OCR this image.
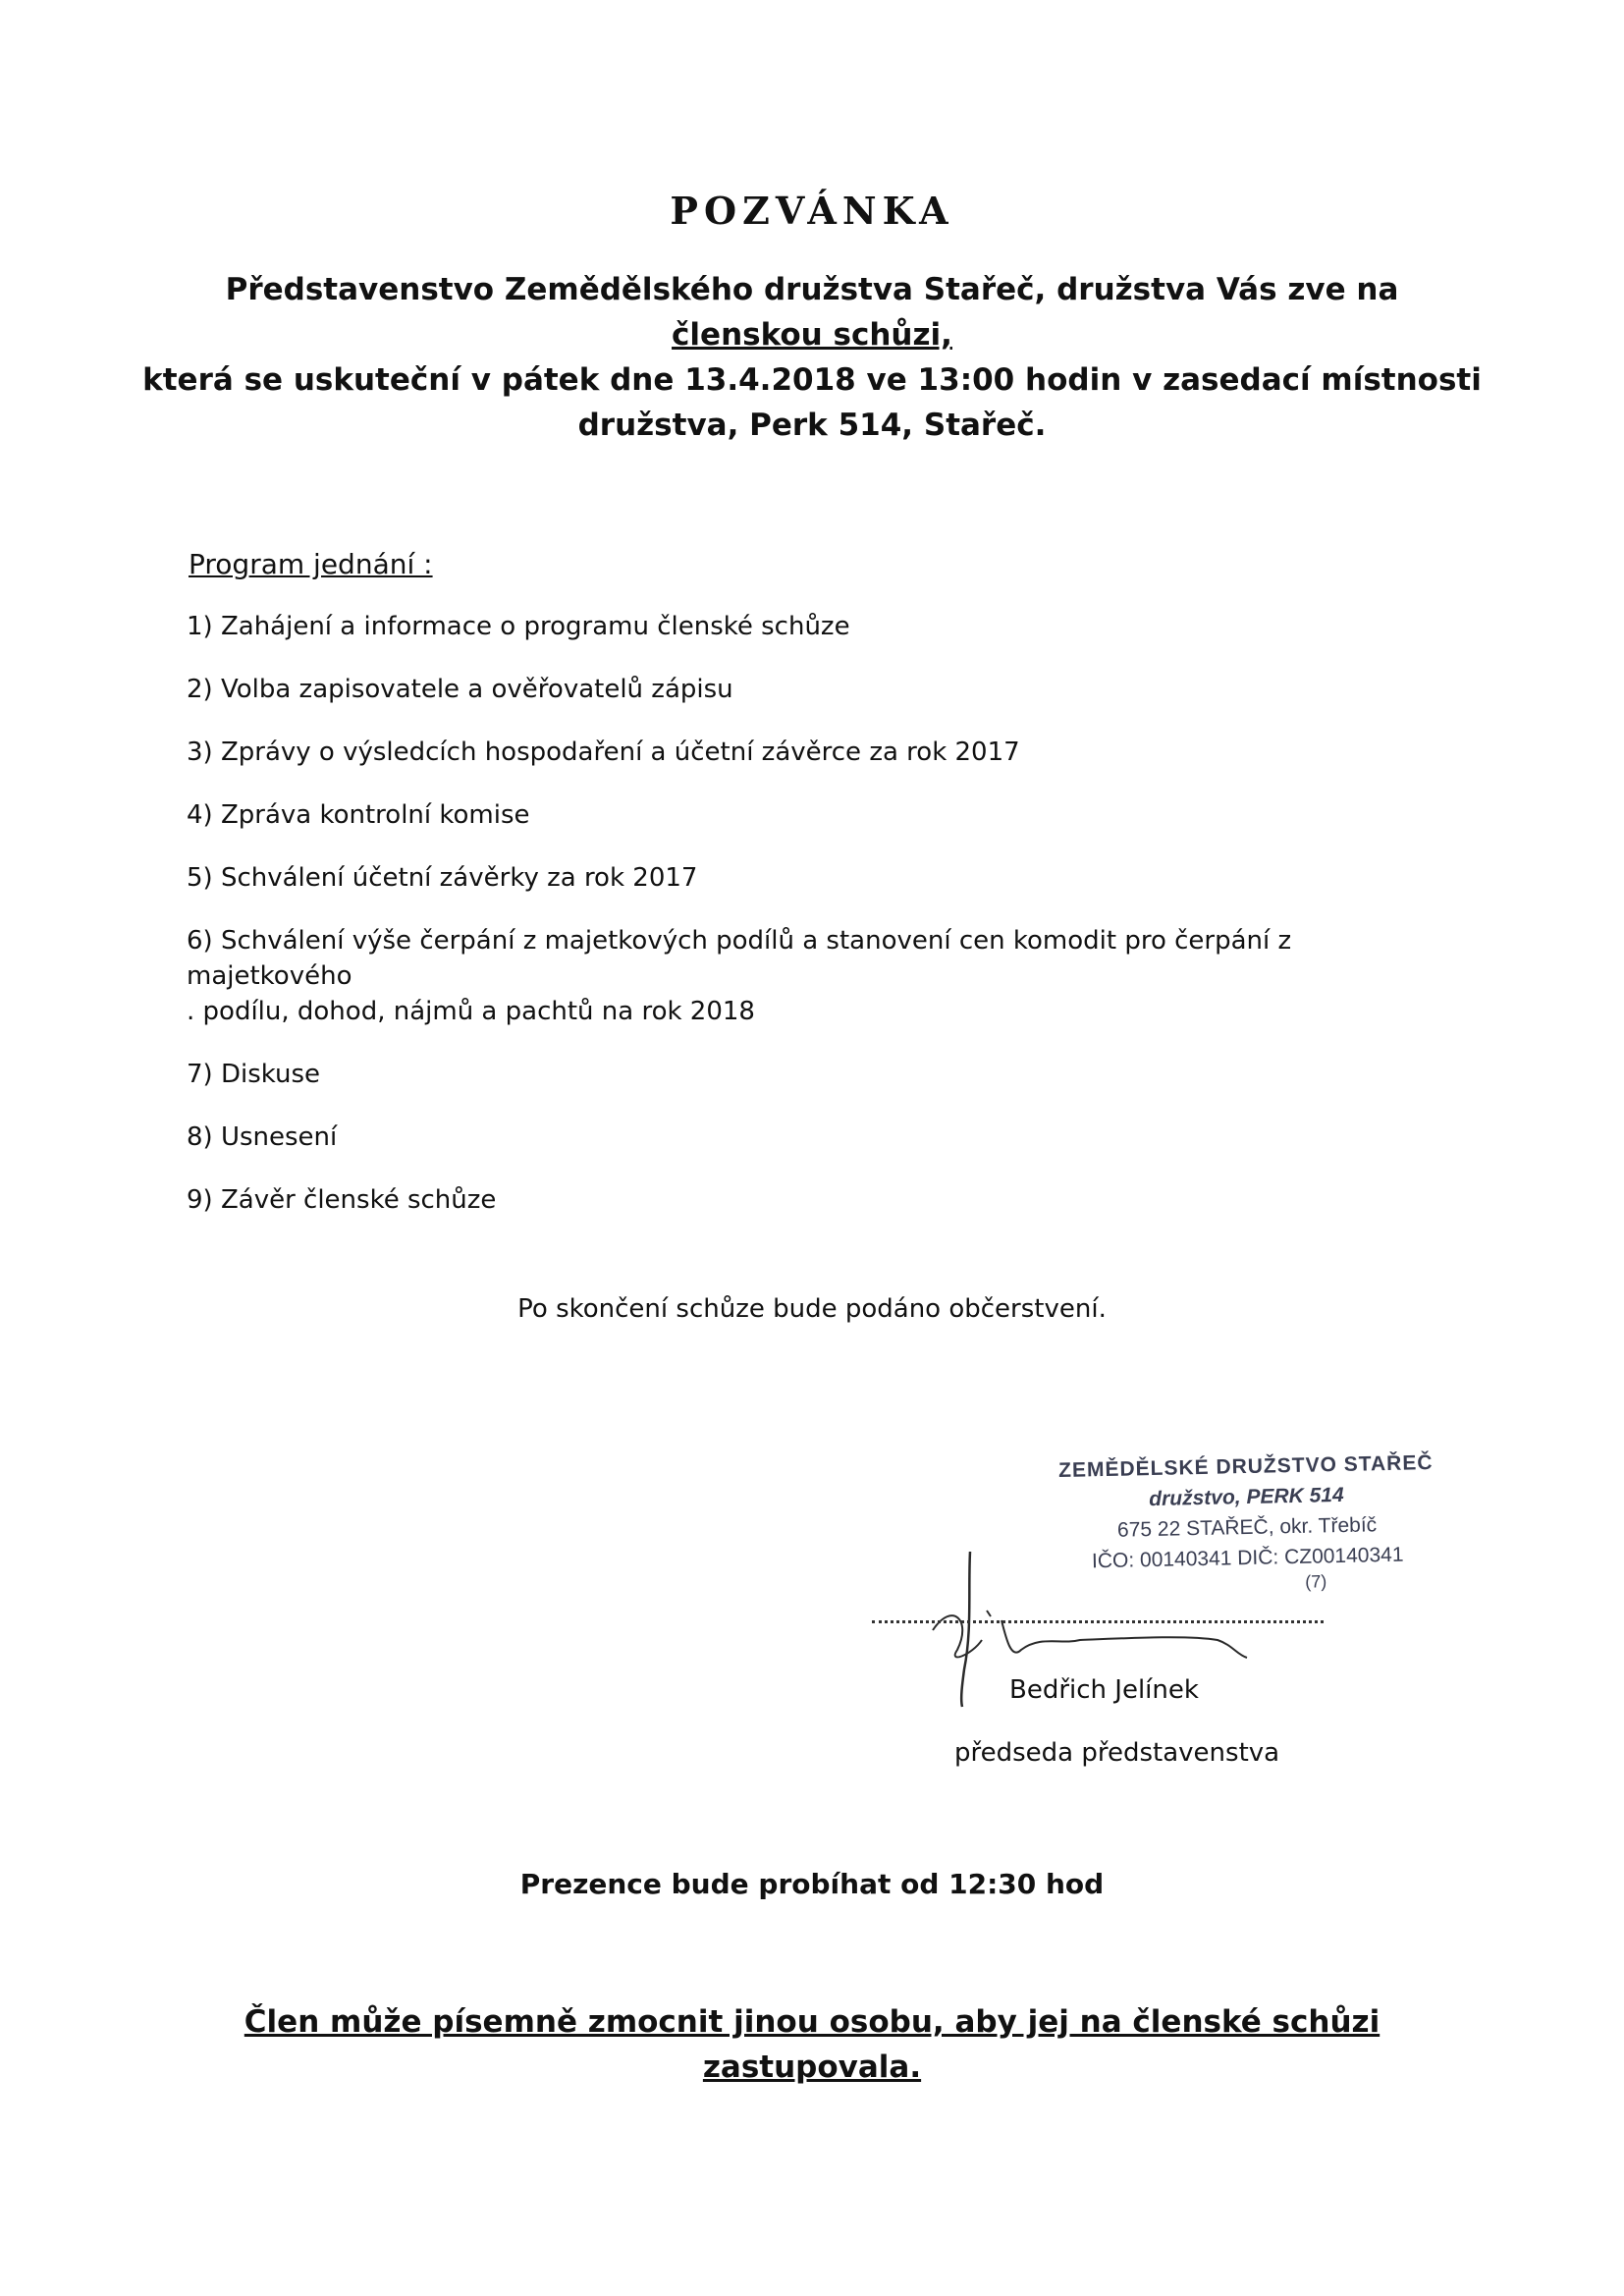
POZVÁNKA
Představenstvo Zemědělského družstva Stařeč, družstva Vás zve na
členskou schůzi,
která se uskuteční v pátek dne 13.4.2018 ve 13:00 hodin v zasedací místnosti
družstva, Perk 514, Stařeč.
Program jednání :
1) Zahájení a informace o programu členské schůze
2) Volba zapisovatele a ověřovatelů zápisu
3) Zprávy o výsledcích hospodaření a účetní závěrce za rok 2017
4) Zpráva kontrolní komise
5) Schválení účetní závěrky za rok 2017
6) Schválení výše čerpání z majetkových podílů a stanovení cen komodit pro čerpání z majetkového
. podílu, dohod, nájmů a pachtů na rok 2018
7) Diskuse
8) Usnesení
9) Závěr členské schůze
Po skončení schůze bude podáno občerstvení.
ZEMĚDĚLSKÉ DRUŽSTVO STAŘEČ
družstvo, PERK 514
675 22 STAŘEČ, okr. Třebíč
IČO: 00140341 DIČ: CZ00140341
(7)
Bedřich Jelínek
předseda představenstva
Prezence bude probíhat od 12:30 hod
Člen může písemně zmocnit jinou osobu, aby jej na členské schůzi zastupovala.
